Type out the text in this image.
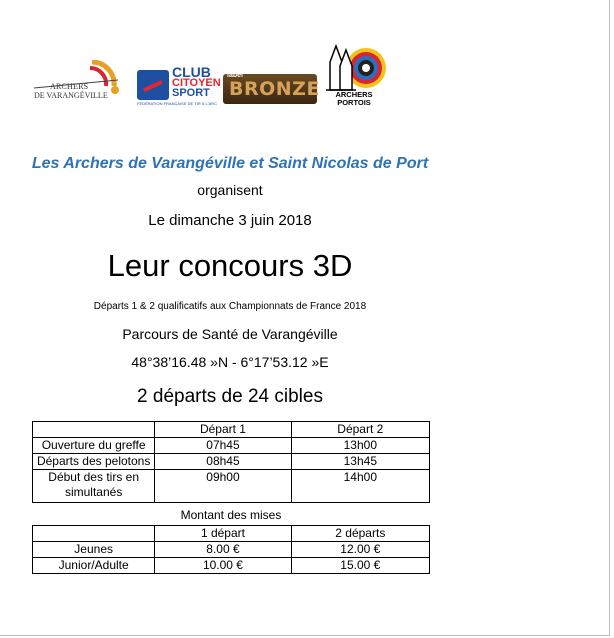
ARCHERS
DE VARANGÉVILLE
CLUB
CITOYEN
SPORT
FÉDÉRATION FRANÇAISE DE TIR À L'ARC
label
BRONZE	ARCHERS
PORTOIS
Les Archers de Varangéville et Saint Nicolas de Port
organisent
Le dimanche 3 juin 2018
Leur concours 3D
Départs 1 & 2 qualificatifs aux Championnats de France 2018
Parcours de Santé de Varangéville
48°38’16.48 »N - 6°17’53.12 »E
2 départs de 24 cibles
	Départ 1	Départ 2
Ouverture du greffe	07h45	13h00
Départs des pelotons	08h45	13h45
Début des tirs en simultanés	09h00	14h00
Montant des mises
	1 départ	2 départs
Jeunes	8.00 €	12.00 €
Junior/Adulte	10.00 €	15.00 €
